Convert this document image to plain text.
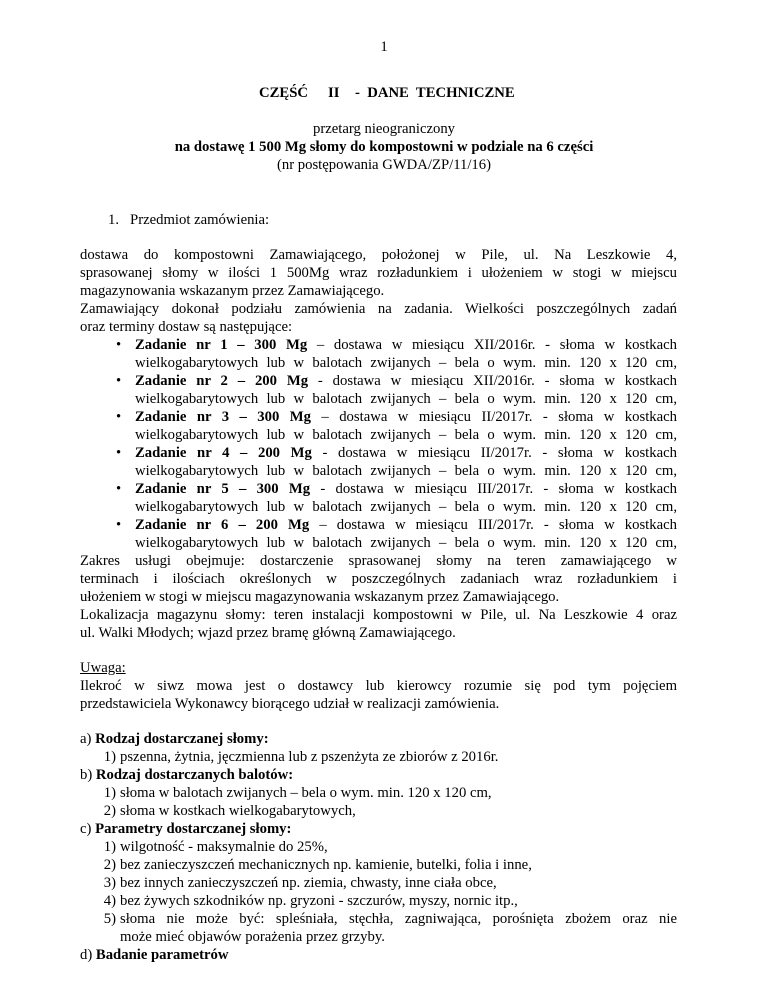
1
CZĘŚĆ II -  DANE  TECHNICZNE
przetarg nieograniczony
na dostawę 1 500 Mg słomy do kompostowni w podziale na 6 części
(nr postępowania GWDA/ZP/11/16)
1.   Przedmiot zamówienia:
dostawa do kompostowni Zamawiającego, położonej w Pile, ul. Na Leszkowie 4,
sprasowanej słomy w ilości 1 500Mg wraz rozładunkiem i ułożeniem w stogi w miejscu
magazynowania wskazanym przez Zamawiającego.
Zamawiający dokonał podziału zamówienia na zadania. Wielkości poszczególnych zadań
oraz terminy dostaw są następujące:
• Zadanie nr 1 – 300 Mg – dostawa w miesiącu XII/2016r. - słoma w kostkach
wielkogabarytowych lub w balotach zwijanych – bela o wym. min. 120 x 120 cm,
• Zadanie nr 2 – 200 Mg - dostawa w miesiącu XII/2016r. - słoma w kostkach
wielkogabarytowych lub w balotach zwijanych – bela o wym. min. 120 x 120 cm,
• Zadanie nr 3 – 300 Mg – dostawa w miesiącu II/2017r. - słoma w kostkach
wielkogabarytowych lub w balotach zwijanych – bela o wym. min. 120 x 120 cm,
• Zadanie nr 4 – 200 Mg - dostawa w miesiącu II/2017r. - słoma w kostkach
wielkogabarytowych lub w balotach zwijanych – bela o wym. min. 120 x 120 cm,
• Zadanie nr 5 – 300 Mg - dostawa w miesiącu III/2017r. - słoma w kostkach
wielkogabarytowych lub w balotach zwijanych – bela o wym. min. 120 x 120 cm,
• Zadanie nr 6 – 200 Mg – dostawa w miesiącu III/2017r. - słoma w kostkach
wielkogabarytowych lub w balotach zwijanych – bela o wym. min. 120 x 120 cm,
Zakres usługi obejmuje: dostarczenie sprasowanej słomy na teren zamawiającego w
terminach i ilościach określonych w poszczególnych zadaniach wraz rozładunkiem i
ułożeniem w stogi w miejscu magazynowania wskazanym przez Zamawiającego.
Lokalizacja magazynu słomy: teren instalacji kompostowni w Pile, ul. Na Leszkowie 4 oraz
ul. Walki Młodych; wjazd przez bramę główną Zamawiającego.
Uwaga:
Ilekroć w siwz mowa jest o dostawcy lub kierowcy rozumie się pod tym pojęciem
przedstawiciela Wykonawcy biorącego udział w realizacji zamówienia.
a) Rodzaj dostarczanej słomy:
1) pszenna, żytnia, jęczmienna lub z pszenżyta ze zbiorów z 2016r.
b) Rodzaj dostarczanych balotów:
1) słoma w balotach zwijanych – bela o wym. min. 120 x 120 cm,
2) słoma w kostkach wielkogabarytowych,
c) Parametry dostarczanej słomy:
1) wilgotność - maksymalnie do 25%,
2) bez zanieczyszczeń mechanicznych np. kamienie, butelki, folia i inne,
3) bez innych zanieczyszczeń np. ziemia, chwasty, inne ciała obce,
4) bez żywych szkodników np. gryzoni - szczurów, myszy, nornic itp.,
5) słoma nie może być: spleśniała, stęchła, zagniwająca, porośnięta zbożem oraz nie
może mieć objawów porażenia przez grzyby.
d) Badanie parametrów
